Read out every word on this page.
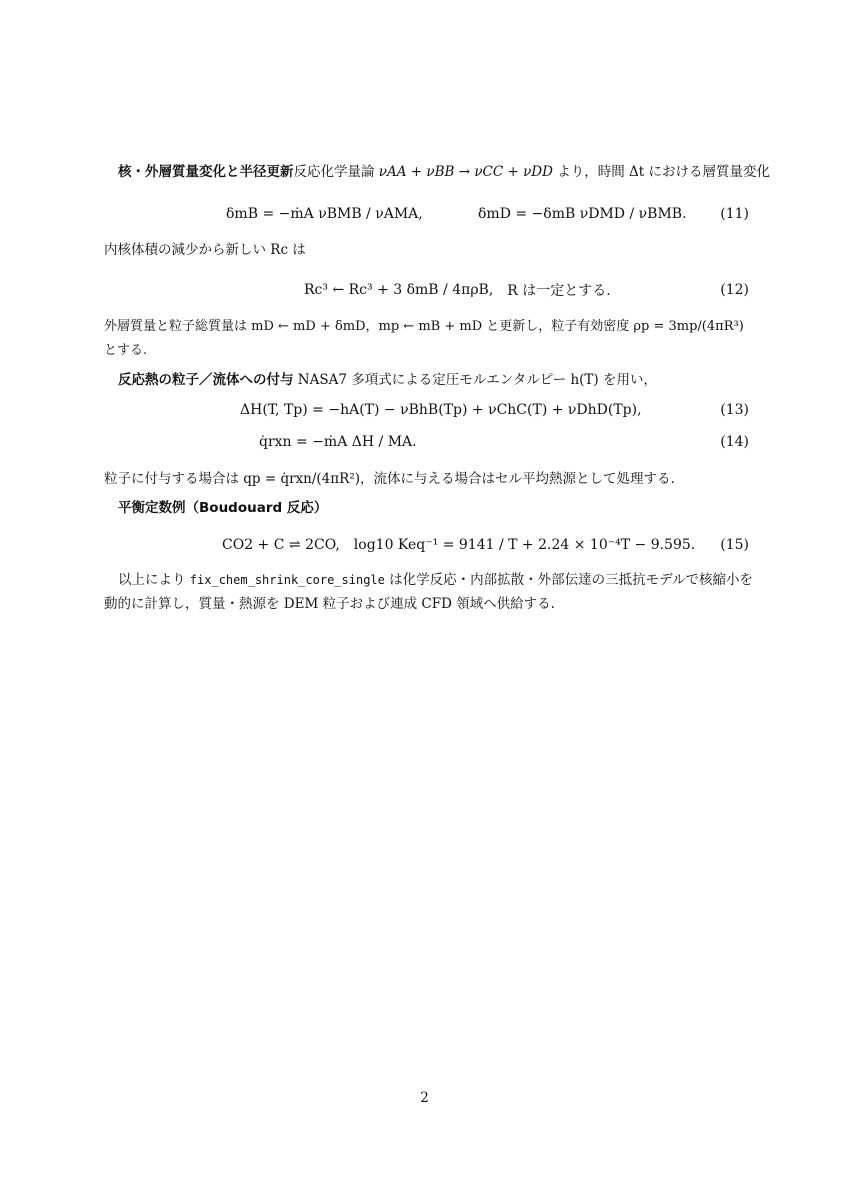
核・外層質量変化と半径更新反応化学量論 νAA + νBB → νCC + νDD より，時間 Δt における層質量変化
δmB = −ṁA νBMB / νAMA,	δmD = −δmB νDMD / νBMB. (11)
内核体積の減少から新しい Rc は
Rc³ ← Rc³ + 3 δmB / 4πρB, R は一定とする.	(12)
外層質量と粒子総質量は mD ← mD + δmD，mp ← mB + mD と更新し，粒子有効密度 ρp = 3mp/(4πR³)
とする.
反応熱の粒子／流体への付与 NASA7 多項式による定圧モルエンタルピー h(T) を用い，
ΔH(T, Tp) = −hA(T) − νBhB(Tp) + νChC(T) + νDhD(Tp),	(13)
q̇rxn = −ṁA ΔH / MA.	(14)
粒子に付与する場合は qp = q̇rxn/(4πR²)，流体に与える場合はセル平均熱源として処理する.
平衡定数例（Boudouard 反応）
CO2 + C ⇌ 2CO, log10 Keq⁻¹ = 9141 / T + 2.24 × 10⁻⁴T − 9.595. (15)
以上により fix_chem_shrink_core_single は化学反応・内部拡散・外部伝達の三抵抗モデルで核縮小を
動的に計算し，質量・熱源を DEM 粒子および連成 CFD 領域へ供給する.
2
